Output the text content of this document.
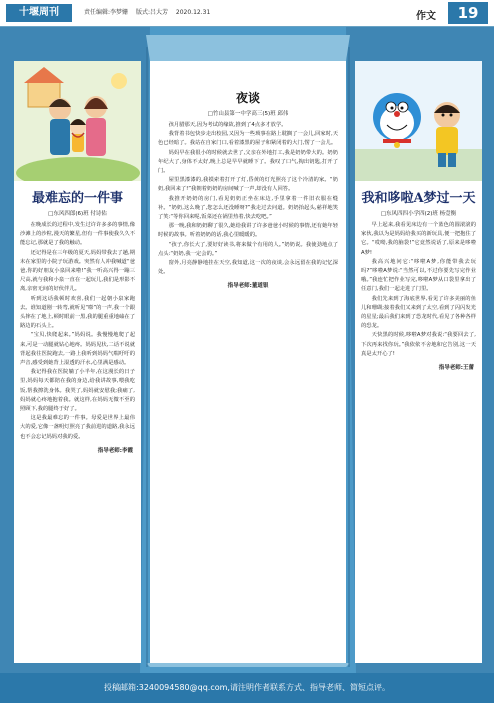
十堰周刊	责任编辑:李梦姗 版式:吕大芳 2020.12.31	作文	19
最难忘的一件事
□东风四郎(6)班 付诗佑

在晚成长的过程中,发生过许许多多的事情,像沙滩上的沙粒,漫天的繁星,但有一件事使我久久不能忘记,那就是了我的触动。

还记得是在三年级的夏天,妈妈带我去了趟,期末在家里的小院子玩游戏。突然有人冲我喊道“爸爸,你的好朋友小泉回来啦!”我一听高兴得一蹦三尺高,就与我和小泉一直在一起玩儿,我们是形影不离,亲密无间的好伙伴儿。

听到这话我顿时欢喜,我们一起朝小泉家跑去。谁知道刚一转弯,就听见“嘭”的一声,我一个跟头摔在了地上,顿时眼前一黑,我的腿重重地磕在了路边的石头上。

“宝贝,快爬起来。”妈妈说。我慢慢地爬了起来,可是一动腿就钻心地疼。妈妈见状,二话不说就背起我往医院跑去,一路上我听到妈妈气喘吁吁的声音,感受到她背上湿透的汗水,心里满是感动。

我记得我在医院躺了小半年,在这漫长的日子里,妈妈每天都陪在我的身边,给我讲故事,喂我吃饭,帮我擦洗身体。我哭了,妈妈就安慰我;我痛了,妈妈就心疼地抱着我。就这样,在妈妈无微不至的照顾下,我的腿终于好了。

这是我最难忘的一件事。母爱是世界上最伟大的爱,它像一盏明灯照亮了我前进的道路,我永远也不会忘记妈妈对我的爱。

指导老师:李霞
夜谈
□竹山县第一中学高三(5)班 邱伟

孩月腊那天,因为考试的缘故,推到了4点多才放学。

我背着书包快步走出校园,又因为一些琐事在路上耽搁了一会儿,回家时,天色已经暗了。我站在自家门口,看着漆黑的屋子和紧闭着的大门,愣了一会儿。

妈妈早在我很小的时候就去世了,父亲在外地打工,我是奶奶带大的。奶奶年纪大了,身体不太好,晚上总是早早就睡下了。我叹了口气,掏出钥匙,打开了门。

屋里黑漆漆的,我摸索着打开了灯,昏黄的灯光照亮了这个冷清的家。“奶奶,我回来了!”我朝着奶奶的房间喊了一声,却没有人回答。

我推开奶奶的房门,看见奶奶正坐在床边,手里拿着一件旧衣服在缝补。“奶奶,这么晚了,您怎么还没睡呀?”我走过去问道。奶奶抬起头,慈祥地笑了笑:“等你回来呢,饭菜还在锅里热着,快去吃吧。”

那一晚,我和奶奶聊了很久,她给我讲了许多爸爸小时候的事情,还有她年轻时候的故事。听着奶奶的话,我心里暖暖的。

“孩子,你长大了,要好好读书,将来做个有用的人。”奶奶说。我使劲地点了点头:“奶奶,我一定会的。”

窗外,月亮静静地挂在天空,我知道,这一次的夜谈,会永远留在我的记忆深处。

指导老师:董道银
我和哆啦A梦过一天
□东风四四小学四(2)班 杨壹衡

早上起来,我看见床边有一个蓝色的圆滚滚的家伙,我以为是妈妈给我买的新玩具,便一把抱住了它。“哎呦,我的脑袋!”它竟然说话了,原来是哆啦A梦!

我高兴地问它:“哆啦A梦,你能带我去玩吗?”哆啦A梦说:“当然可以,不过你要先写完作业哦。”我连忙把作业写完,哆啦A梦从口袋里拿出了任意门,我们一起走进了门里。

我们先来到了海底世界,看见了许多美丽的鱼儿和珊瑚;接着我们又来到了太空,看到了闪闪发光的星星;最后我们来到了恐龙时代,看见了各种各样的恐龙。

天快黑的时候,哆啦A梦对我说:“我要回去了,下次再来找你玩。”我依依不舍地和它告别,这一天真是太开心了!

指导老师:王蕾
投稿邮箱:3240094580@qq.com,请注明作者联系方式、指导老师、简短点评。
